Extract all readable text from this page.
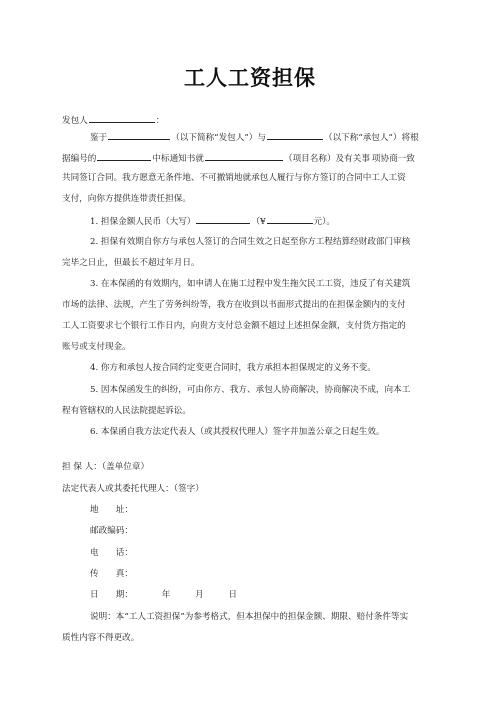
工人工资担保
发包人	：
鉴于	（以下简称“发包人”）与	（以下称“承包人”）将根
据编号的	中标通知书就	（项目名称）及有关事 项协商一致
共同签订合同。我方愿意无条件地、不可撤销地就承包人履行与你方签订的合同中工人工资
支付，向你方提供连带责任担保。
1. 担保金额人民币（大写）	（¥	元）。
2. 担保有效期自你方与承包人签订的合同生效之日起至你方工程结算经财政部门审核
完毕之日止，但最长不超过年月日。
3. 在本保函的有效期内，如申请人在施工过程中发生拖欠民工工资，违反了有关建筑
市场的法律、法规，产生了劳务纠纷等，我方在收到以书面形式提出的在担保金额内的支付
工人工资要求七个银行工作日内，向贵方支付总金额不超过上述担保金额，支付货方指定的
账号或支付现金。
4. 你方和承包人按合同约定变更合同时，我方承担本担保规定的义务不变。
5. 因本保函发生的纠纷，可由你方、我方、承包人协商解决，协商解决不成，向本工
程有管辖权的人民法院提起诉讼。
6. 本保函自我方法定代表人（或其授权代理人）签字并加盖公章之日起生效。
担 保 人：（盖单位章）
法定代表人或其委托代理人：（签字）
地　　址：
邮政编码：
电　　话：
传　　真：
日　　期：	年	月	日
说明：本“工人工资担保”为参考格式，但本担保中的担保金额、期限、赔付条件等实
质性内容不得更改。
